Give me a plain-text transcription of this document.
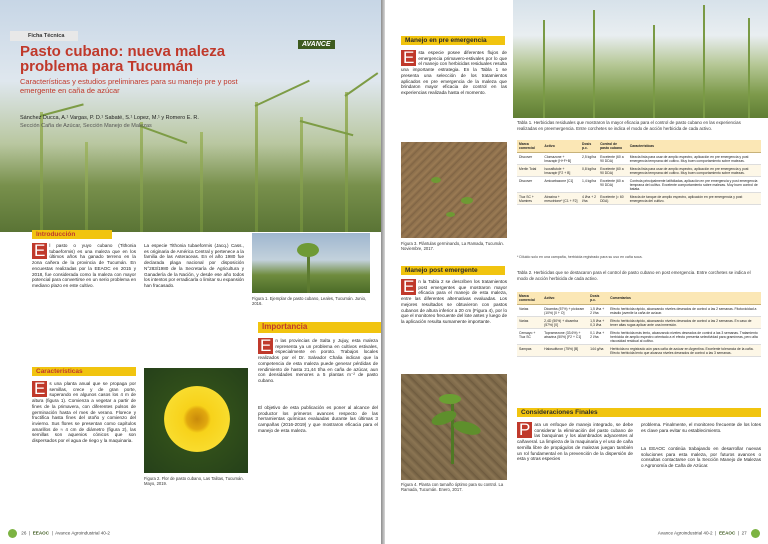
Ficha Técnica
AVANCE
Pasto cubano: nueva maleza problema para Tucumán
Características y estudios preliminares para su manejo pre y post emergente en caña de azúcar
Sánchez Ducca, A.¹ Vargas, P. D.¹ Sabaté, S.¹ Lopez, M.¹ y Romero E. R.
Sección Caña de Azúcar, Sección Manejo de Malezas
Introducción
El pasto o yuyo cubano (Tithonia tubaeformis) es una maleza que en los últimos años ha ganado terreno en la zona cañera de la provincia de Tucumán. En encuestas realizadas por la EEAOC en 2015 y 2018, fue considerada como la maleza con mayor potencial para convertirse en un serio problema en mediano plazo en este cultivo.
La especie Tithonia tubaeformis (Jacq.) Cass., es originaria de América Central y pertenece a la familia de las Asteraceas. En el año 1980 fue declarada plaga nacional por disposición N°283/1980 de la Secretaría de Agricultura y Ganadería de la Nación, y desde ese año todos los intentos por erradicarla o limitar su expansión han fracasado.
Figura 1. Ejemplar de pasto cubano, Leales, Tucumán. Junio, 2016.
Características
Es una planta anual que se propaga por semillas, crece y de gran porte, superando en algunos casos los 4 m de altura (figura 1). Comienza a vegetar a partir de fines de la primavera, con diferentes pulsos de germinación hasta el mes de verano. Florece y fructifica hasta fines del otoño y comienzo del invierno. Sus flores se presentan como capítulos amarillos de ≈ 4 cm de diámetro (figura 2), las semillas son aquenios cónicos que son dispersados por el agua de riego y la maquinaria.
Figura 2. Flor de pasto cubano, Las Talitas, Tucumán. Mayo, 2019.
Importancia
En las provincias de Salta y Jujuy, esta maleza representa ya un problema en cultivos estivales, especialmente en poroto. Trabajos locales realizados por el Dr. Salvador Chalia indican que la competencia de esta maleza puede generar pérdidas de rendimiento de hasta 21,44 t/ha en caña de azúcar, aun con densidades menores a 5 plantas m⁻² de pasto cubano.
El objetivo de esta publicación es poner al alcance del productor los primeros avances respecto de las herramientas químicas evaluadas durante las últimas 3 campañas (2016-2019) y que mostraron eficacia para el manejo de esta maleza.
26  |  EEAOC  |  Avance Agroindustrial 40-2
Manejo en pre emergencia
Esta especie posee diferentes flujos de emergencia primavero-estivales por lo que el manejo con herbicidas residuales resulta una importante estrategia. En la Tabla 1 se presenta una selección de los tratamientos aplicados en pre emergencia de la maleza que brindaron mayor eficacia de control en las experiencias realizada hasta el momento.
Tabla 1. Herbicidas residuales que mostraron la mayor eficacia para el control de pasto cubano en las experiencias realizadas en preemergencia. Entre corchetes se indica el modo de acción herbicida de cada activo.
Figura 3. Plántulas germinando, La Ramada, Tucumán. Noviembre, 2017.
Marca comercial	Activo	Dosis p.c.	Control de pasto cubano	Características
Discover	Clomazone + Imazapir [H+F+B]	2,5 kg/ha	Excelente (60 a 90 DDA)	Mezcla lista para usar de amplio espectro, aplicación en pre emergencia y post emergencia temprana del cultivo. Muy buen comportamiento sobre malezas.
Merlin Total	Isoxaflutole + Imazapir [F2 + B]	0,8 kg/ha	Excelente (60 a 90 DDA)	Mezcla lista para usar de amplio espectro, aplicación en pre emergencia y post emergencia temprana del cultivo. Muy buen comportamiento sobre malezas.
Discover	Amicarbazone [C1]	1,4 kg/ha	Excelente (60 a 90 DDA)	Controla principalmente latifoliadas, aplicación en pre emergencia y post emergencia temprana del cultivo. Excelente comportamiento sobre malezas. Muy buen control de batata.
Tiuz SC + Mamires	Atrazina + mesotrione* [C1 + F2]	4 l/ha + 2 l/ha	Excelente (≈ 60 DDA)	Mezcla de tanque de amplio espectro, aplicación en pre emergencia y post emergencia del cultivo.
* Diluido solo en una campaña, herbicida registrado para su uso en caña soca.
Manejo post emergente
En la Tabla 2 se describen los tratamientos post emergentes que mostraron mayor eficacia para el manejo de esta maleza, entre las diferentes alternativas evaluadas. Los mejores resultados se obtuvieron con pastos cubanos de altura inferior a 20 cm (Figura 4), por lo que el monitoreo frecuente del lote antes y luego de la aplicación resulta sumamente importante.
Tabla 2. Herbicidas que se destacaron para el control de pasto cubano en post emergencia. Entre corchetes se indica el modo de acción herbicida de cada activo.
Marca comercial	Activo	Dosis p.c.	Comentarios
Varias	Dicamba (57%) + picloram (10%) [0 + O]	1,5 l/ha + 2 l/ha	Efecto herbicida rápido, alcanzando niveles deseados de control a las 2 semanas. Fitotoxicidad a estadio juvenile la caña de azúcar.
Varias	2,4D (50%) + dicamba (57%) [0]	1,5 l/ha + 0,3 l/ha	Efecto herbicida rápido, alcanzando niveles deseados de control a las 2 semanas. En caso de tener altas rugas aplicar ante una inmersión.
Censayo + Tiuz SC	Topramezone (33.6%) + atrazina (50%) [F2 + C1]	0,1 l/ha + 2 l/ha	Efecto herbicida más lento, alcanzando niveles deseados de control a las 3 semanas. Tratamiento herbicida de amplio espectro orientado a el efecto presenta selectividad para gramíneas, pero alta viscosidad residual al cultivo.
Sampas	Halosulfuron (75%) [B]	144 g/ha	Herbicida no registrado aún para caña de azúcar en Argentina. Excelente tolerancia de la caña. Efecto herbicida lento que alcanza niveles deseados de control a las 3 semanas.
Figura 4. Planta con tamaño óptimo para su control. La Ramada, Tucumán. Enero, 2017.
Consideraciones Finales
Para un enfoque de manejo integrado, se debe considerar la eliminación del pasto cubano de las banquinas y los alambrados adyacentes al cañaveral. La limpieza de la maquinaria y el uso de caña semilla libre de propágulos de malezas juegan también un rol fundamental en la prevención de la dispersión de esta y otras especies
problema. Finalmente, el monitoreo frecuente de los lotes es clave para evitar su establecimiento.
La EEAOC continúa trabajando en desarrollar nuevas soluciones para esta maleza, por futuros avances o consultas contactarse con la Sección Manejo de Malezas o Agronomía de Caña de Azúcar.
Avance Agroindustrial 40-2  |  EEAOC  |  27
